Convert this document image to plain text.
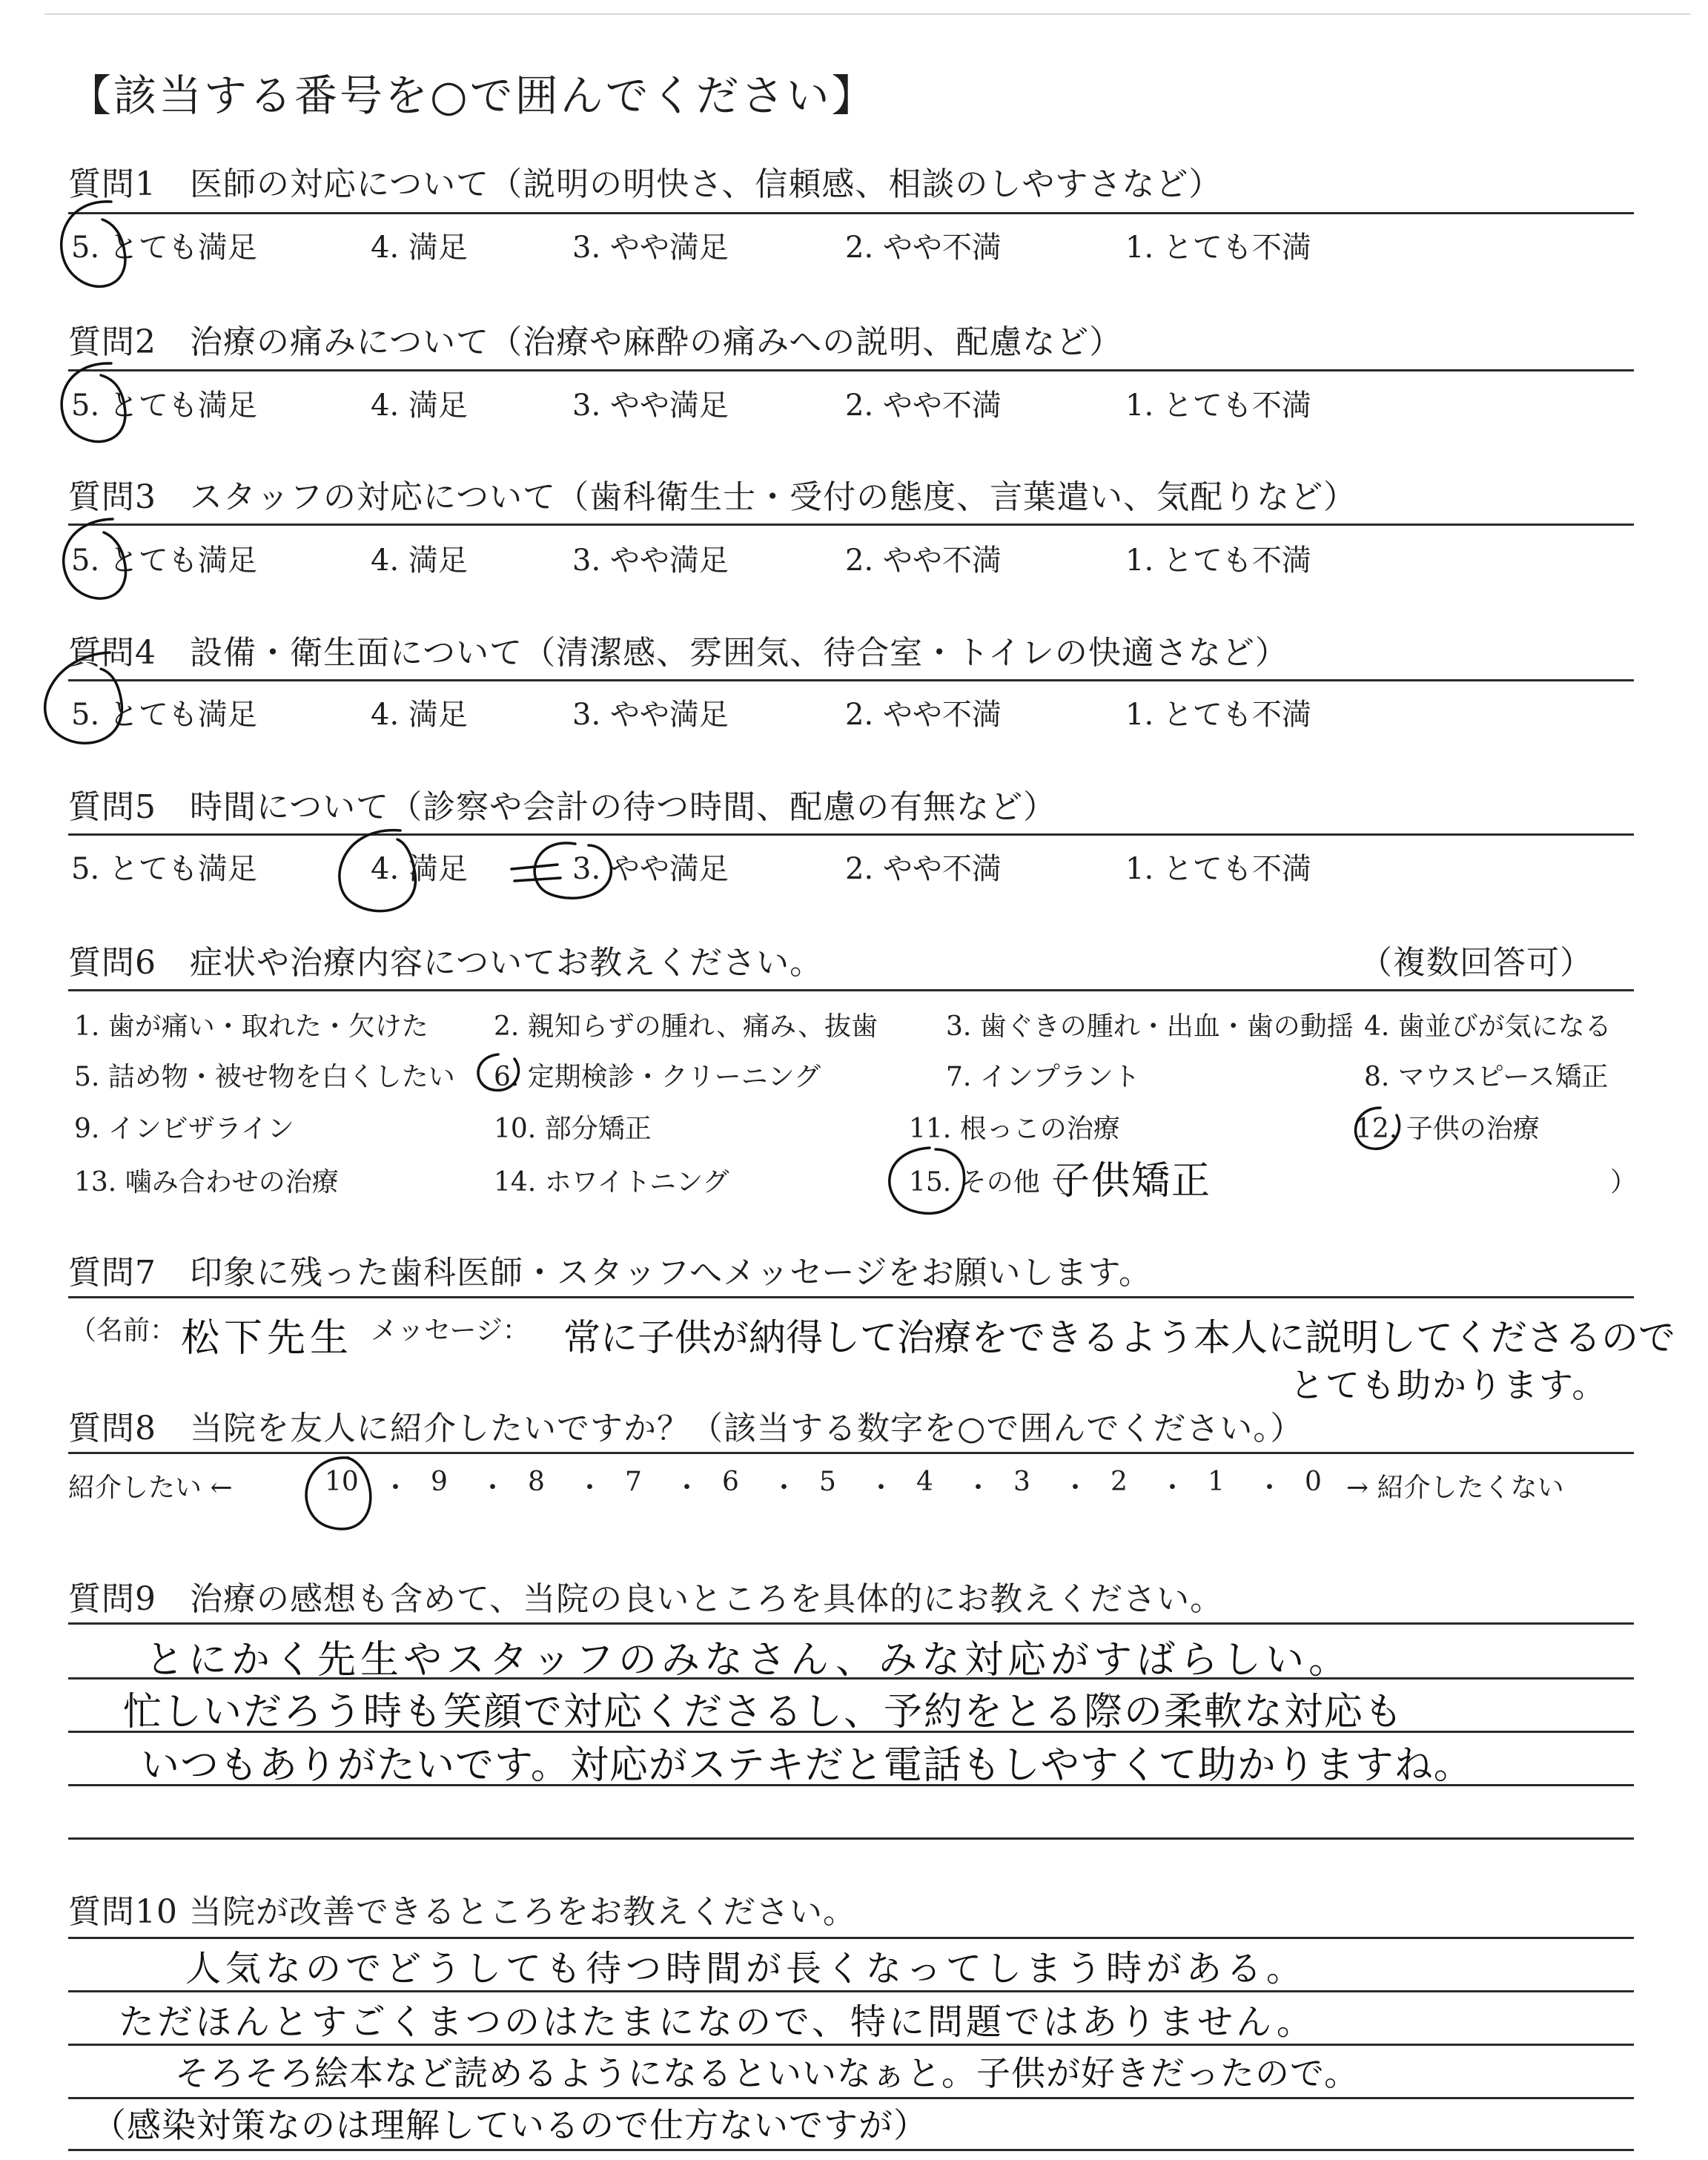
【該当する番号を○で囲んでください】
質問1　医師の対応について（説明の明快さ、信頼感、相談のしやすさなど）
5. とても満足	4. 満足	3. やや満足	2. やや不満	1. とても不満
質問2　治療の痛みについて（治療や麻酔の痛みへの説明、配慮など）
5. とても満足	4. 満足	3. やや満足	2. やや不満	1. とても不満
質問3　スタッフの対応について（歯科衛生士・受付の態度、言葉遣い、気配りなど）
5. とても満足	4. 満足	3. やや満足	2. やや不満	1. とても不満
質問4　設備・衛生面について（清潔感、雰囲気、待合室・トイレの快適さなど）
5. とても満足	4. 満足	3. やや満足	2. やや不満	1. とても不満
質問5　時間について（診察や会計の待つ時間、配慮の有無など）
5. とても満足	4. 満足	3. やや満足	2. やや不満	1. とても不満
質問6　症状や治療内容についてお教えください。	（複数回答可）
1. 歯が痛い・取れた・欠けた 2. 親知らずの腫れ、痛み、抜歯	3. 歯ぐきの腫れ・出血・歯の動揺 4. 歯並びが気になる
5. 詰め物・被せ物を白くしたい 6. 定期検診・クリーニング	7. インプラント	8. マウスピース矯正
9. インビザライン	10. 部分矯正	11. 根っこの治療	12. 子供の治療
13. 噛み合わせの治療	14. ホワイトニング	15. その他（
子供矯正	）
質問7　印象に残った歯科医師・スタッフへメッセージをお願いします。
（名前： 松下先生 メッセージ： 常に子供が納得して治療をできるよう本人に説明してくださるので
とても助かります。
質問8　当院を友人に紹介したいですか？（該当する数字を○で囲んでください。）
紹介したい ←	10 ・ 9 ・ 8 ・ 7 ・ 6 ・ 5 ・ 4 ・ 3 ・ 2 ・ 1 ・ 0 → 紹介したくない
質問9　治療の感想も含めて、当院の良いところを具体的にお教えください。
とにかく先生やスタッフのみなさん、みな対応がすばらしい。
忙しいだろう時も笑顔で対応くださるし、予約をとる際の柔軟な対応も
いつもありがたいです。対応がステキだと電話もしやすくて助かりますね。
質問10 当院が改善できるところをお教えください。
人気なのでどうしても待つ時間が長くなってしまう時がある。
ただほんとすごくまつのはたまになので、特に問題ではありません。
そろそろ絵本など読めるようになるといいなぁと。子供が好きだったので。
（感染対策なのは理解しているので仕方ないですが）
